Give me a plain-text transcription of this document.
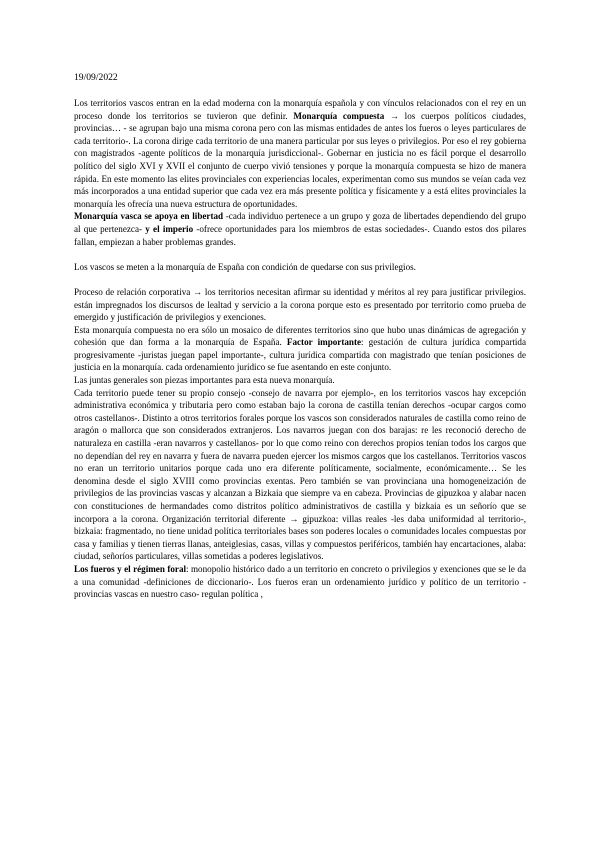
19/09/2022

Los territorios vascos entran en la edad moderna con la monarquía española y con vínculos relacionados con el rey en un proceso donde los territorios se tuvieron que definir. Monarquía compuesta → los cuerpos políticos ciudades, provincias… - se agrupan bajo una misma corona pero con las mismas entidades de antes los fueros o leyes particulares de cada territorio-. La corona dirige cada territorio de una manera particular por sus leyes o privilegios. Por eso el rey gobierna con magistrados -agente políticos de la monarquía jurisdiccional-. Gobernar en justicia no es fácil porque el desarrollo político del siglo XVI y XVII el conjunto de cuerpo vivió tensiones y porque la monarquía compuesta se hizo de manera rápida. En este momento las elites provinciales con experiencias locales, experimentan como sus mundos se veían cada vez más incorporados a una entidad superior que cada vez era más presente política y físicamente y a está elites provinciales la monarquía les ofrecía una nueva estructura de oportunidades.

Monarquía vasca se apoya en libertad -cada individuo pertenece a un grupo y goza de libertades dependiendo del grupo al que pertenezca- y el imperio -ofrece oportunidades para los miembros de estas sociedades-. Cuando estos dos pilares fallan, empiezan a haber problemas grandes.

Los vascos se meten a la monarquía de España con condición de quedarse con sus privilegios.

Proceso de relación corporativa → los territorios necesitan afirmar su identidad y méritos al rey para justificar privilegios. están impregnados los discursos de lealtad y servicio a la corona porque esto es presentado por territorio como prueba de emergido y justificación de privilegios y exenciones.

Esta monarquía compuesta no era sólo un mosaico de diferentes territorios sino que hubo unas dinámicas de agregación y cohesión que dan forma a la monarquía de España. Factor importante: gestación de cultura jurídica compartida progresivamente -juristas juegan papel importante-, cultura jurídica compartida con magistrado que tenían posiciones de justicia en la monarquía. cada ordenamiento jurídico se fue asentando en este conjunto.

Las juntas generales son piezas importantes para esta nueva monarquía.

Cada territorio puede tener su propio consejo -consejo de navarra por ejemplo-, en los territorios vascos hay excepción administrativa económica y tributaria pero como estaban bajo la corona de castilla tenían derechos -ocupar cargos como otros castellanos-. Distinto a otros territorios forales porque los vascos son considerados naturales de castilla como reino de aragón o mallorca que son considerados extranjeros. Los navarros juegan con dos barajas: re les reconoció derecho de naturaleza en castilla -eran navarros y castellanos- por lo que como reino con derechos propios tenían todos los cargos que no dependían del rey en navarra y fuera de navarra pueden ejercer los mismos cargos que los castellanos. Territorios vascos no eran un territorio unitarios porque cada uno era diferente políticamente, socialmente, económicamente… Se les denomina desde el siglo XVIII como provincias exentas. Pero también se van provinciana una homogeneización de privilegios de las provincias vascas y alcanzan a Bizkaia que siempre va en cabeza. Provincias de gipuzkoa y alabar nacen con constituciones de hermandades como distritos político administrativos de castilla y bizkaia es un señorío que se incorpora a la corona. Organización territorial diferente → gipuzkoa: villas reales -les daba uniformidad al territorio-, bizkaia: fragmentado, no tiene unidad política territoriales bases son poderes locales o comunidades locales compuestas por casa y familias y tienen tierras llanas, anteiglesias, casas, villas y compuestos periféricos, también hay encartaciones, alaba: ciudad, señoríos particulares, villas sometidas a poderes legislativos.

Los fueros y el régimen foral: monopolio histórico dado a un territorio en concreto o privilegios y exenciones que se le da a una comunidad -definiciones de diccionario-. Los fueros eran un ordenamiento jurídico y político de un territorio -provincias vascas en nuestro caso- regulan política ,
